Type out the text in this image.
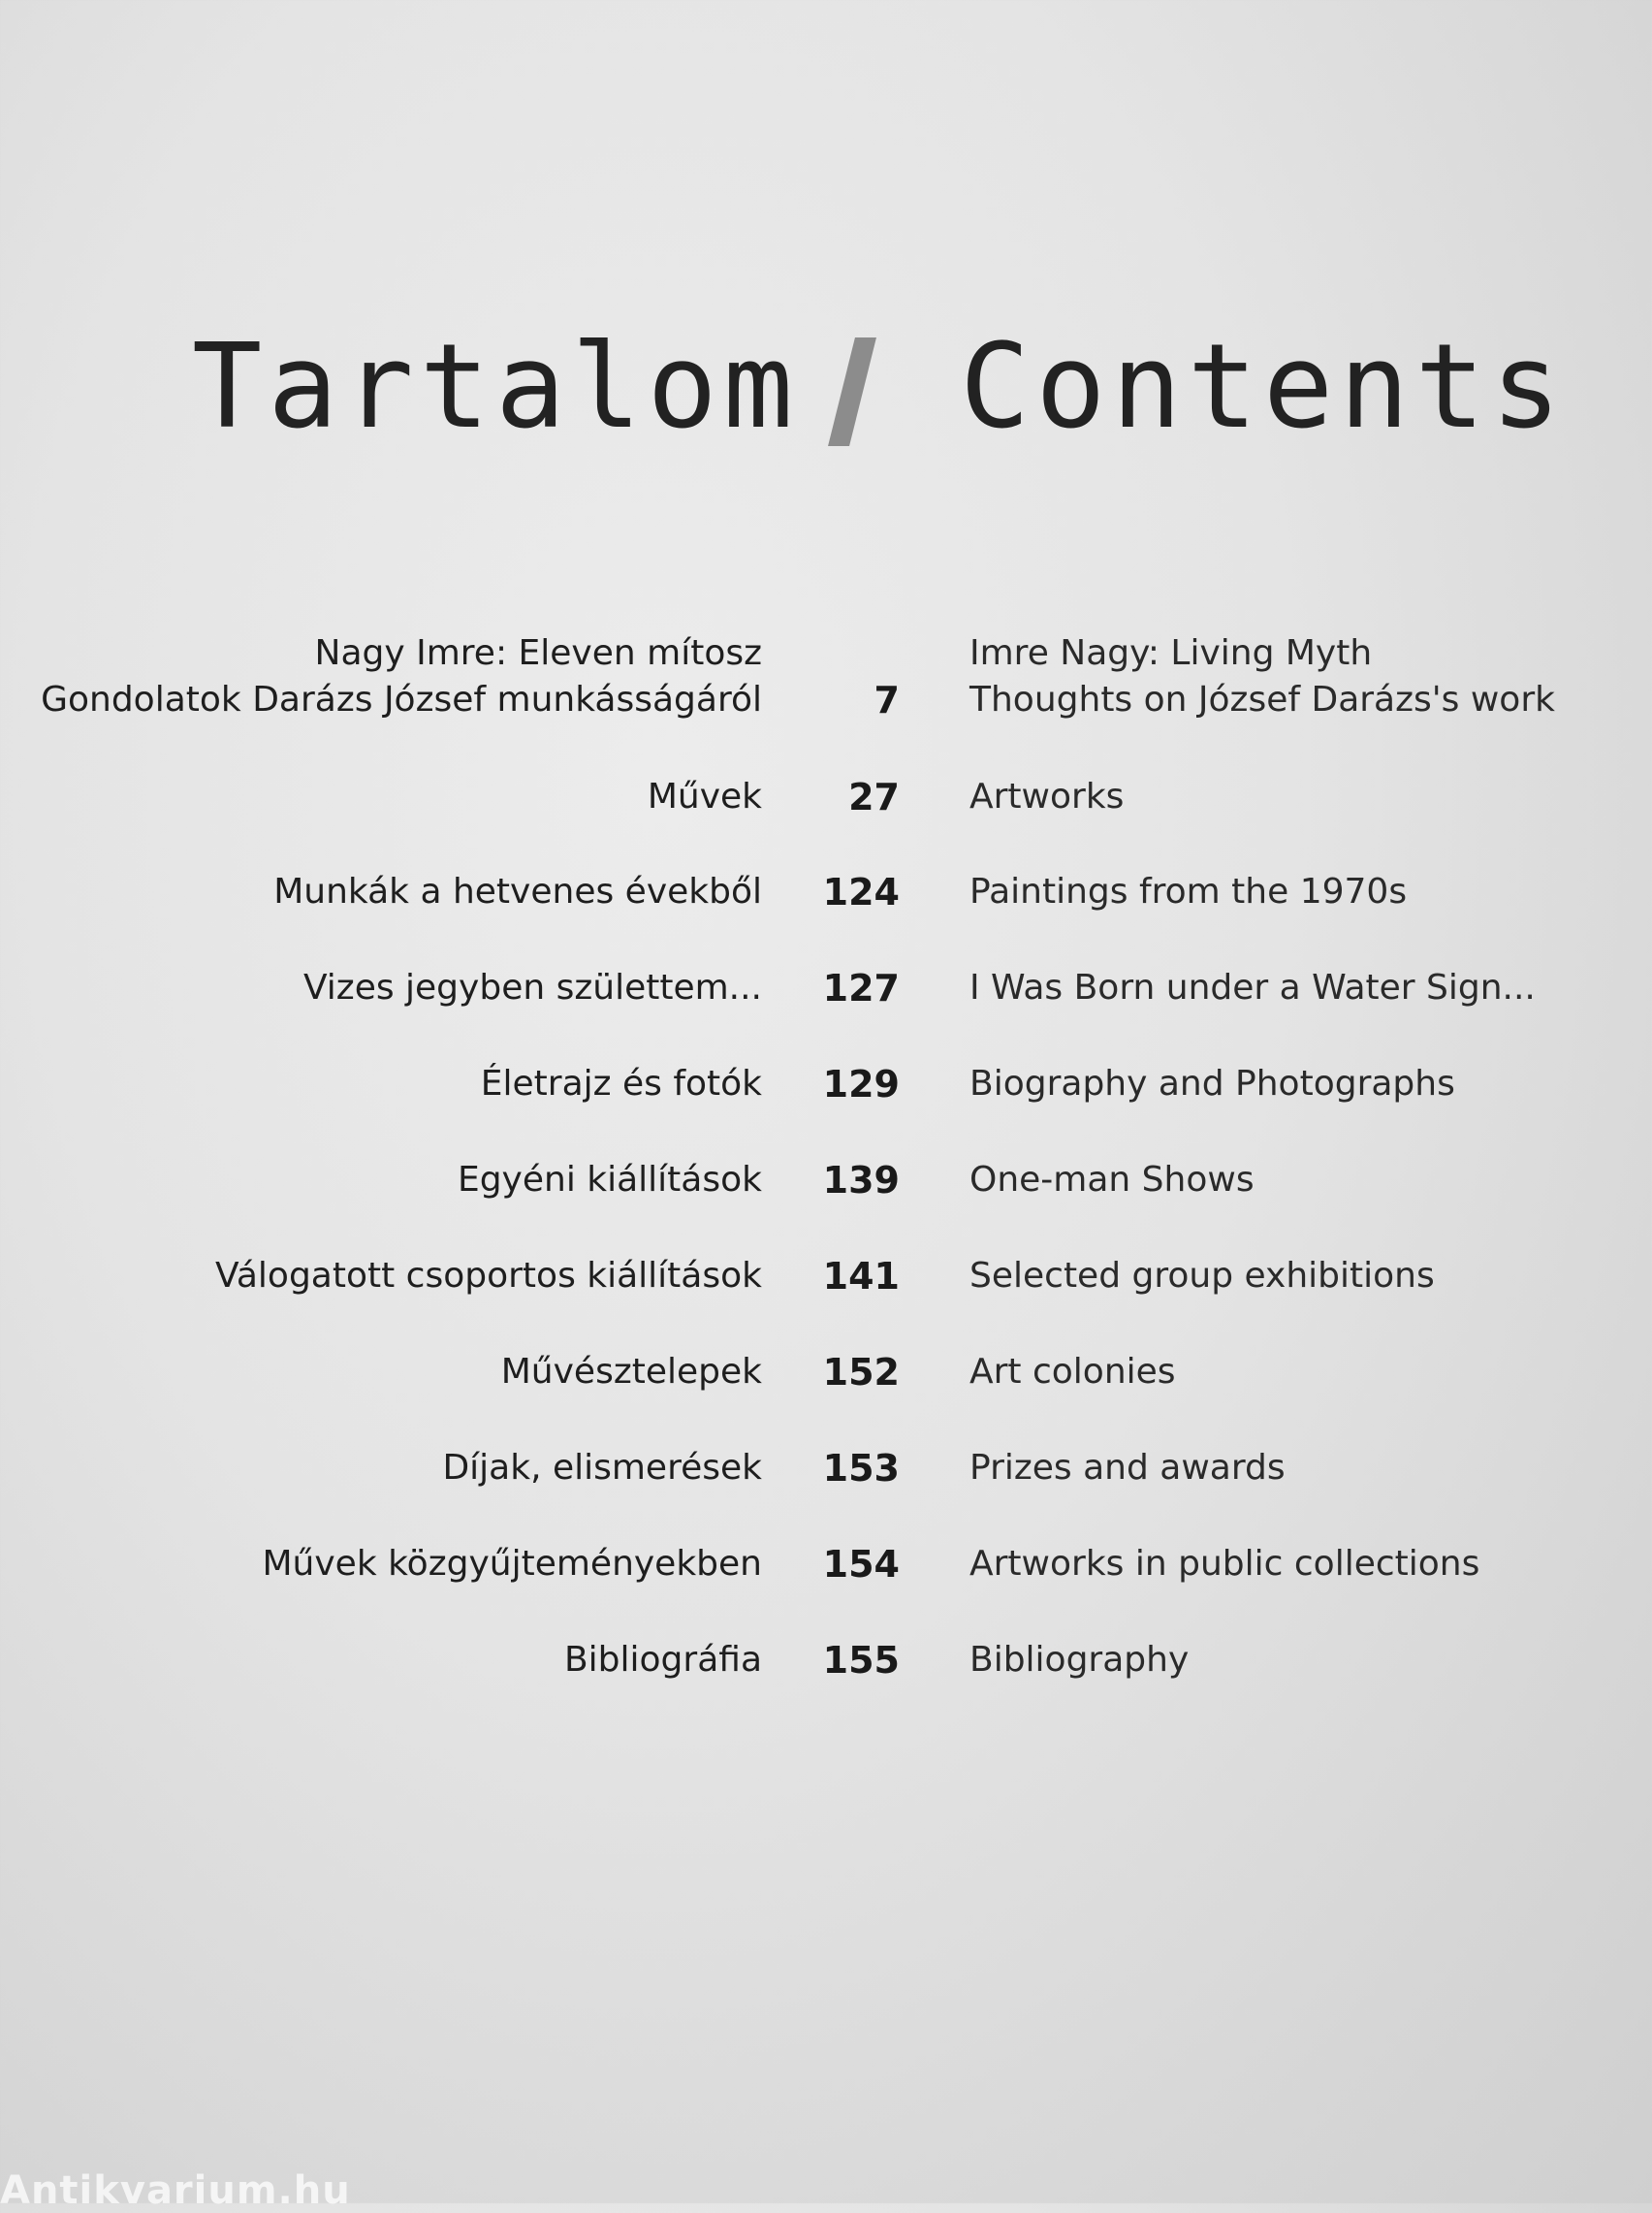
Tartalom Contents
Nagy Imre: Eleven mítosz
Gondolatok Darázs József munkásságáról	7
Imre Nagy: Living Myth
Thoughts on József Darázs's work
Művek	27 Artworks
Munkák a hetvenes évekből 124 Paintings from the 1970s
Vizes jegyben születtem... 127 I Was Born under a Water Sign...
Életrajz és fotók 129 Biography and Photographs
Egyéni kiállítások 139 One-man Shows
Válogatott csoportos kiállítások 141 Selected group exhibitions
Művésztelepek 152 Art colonies
Díjak, elismerések 153 Prizes and awards
Művek közgyűjteményekben 154 Artworks in public collections
Bibliográfia 155 Bibliography
Antikvarium.hu
